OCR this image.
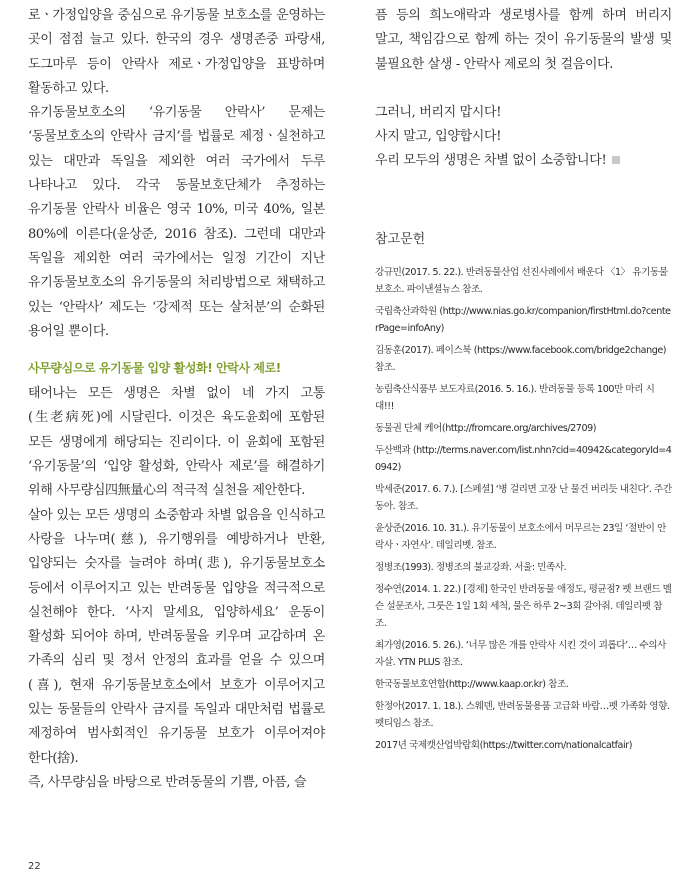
로ㆍ가정입양을 중심으로 유기동물 보호소를 운영하는 곳이 점점 늘고 있다. 한국의 경우 생명존중 파랑새, 도그마루 등이 안락사 제로ㆍ가정입양을 표방하며 활동하고 있다.

유기동물보호소의 ‘유기동물 안락사’ 문제는 ‘동물보호소의 안락사 금지’를 법률로 제정ㆍ실천하고 있는 대만과 독일을 제외한 여러 국가에서 두루 나타나고 있다. 각국 동물보호단체가 추정하는 유기동물 안락사 비율은 영국 10%, 미국 40%, 일본 80%에 이른다(윤상준, 2016 참조). 그런데 대만과 독일을 제외한 여러 국가에서는 일정 기간이 지난 유기동물보호소의 유기동물의 처리방법으로 채택하고 있는 ‘안락사’ 제도는 ‘강제적 또는 살처분’의 순화된 용어일 뿐이다.

사무량심으로 유기동물 입양 활성화! 안락사 제로!

태어나는 모든 생명은 차별 없이 네 가지 고통(生老病死)에 시달린다. 이것은 육도윤회에 포함된 모든 생명에게 해당되는 진리이다. 이 윤회에 포함된 ‘유기동물’의 ‘입양 활성화, 안락사 제로’를 해결하기 위해 사무량심四無量心의 적극적 실천을 제안한다.

살아 있는 모든 생명의 소중함과 차별 없음을 인식하고 사랑을 나누며(慈), 유기행위를 예방하거나 반환, 입양되는 숫자를 늘려야 하며(悲), 유기동물보호소 등에서 이루어지고 있는 반려동물 입양을 적극적으로 실천해야 한다. ‘사지 말세요, 입양하세요’ 운동이 활성화 되어야 하며, 반려동물을 키우며 교감하며 온 가족의 심리 및 정서 안정의 효과를 얻을 수 있으며(喜), 현재 유기동물보호소에서 보호가 이루어지고 있는 동물들의 안락사 금지를 독일과 대만처럼 법률로 제정하여 범사회적인 유기동물 보호가 이루어져야 한다(捨).

즉, 사무량심을 바탕으로 반려동물의 기쁨, 아픔, 슬

픔 등의 희노애락과 생로병사를 함께 하며 버리지 말고, 책임감으로 함께 하는 것이 유기동물의 발생 및 불필요한 살생 - 안락사 제로의 첫 걸음이다.

그러니, 버리지 맙시다!

사지 말고, 입양합시다!

우리 모두의 생명은 차별 없이 소중합니다!

참고문헌
강규민(2017. 5. 22.). 반려동물산업 선진사례에서 배운다 〈1〉 유기동물보호소. 파이낸셜뉴스 참조.
국립축산과학원 (http://www.nias.go.kr/companion/firstHtml.do?centerPage=infoAny)
김동훈(2017). 페이스북 (https://www.facebook.com/bridge2change) 참조.
농림축산식품부 보도자료(2016. 5. 16.). 반려동물 등록 100만 마리 시대!!!
동물권 단체 케어(http://fromcare.org/archives/2709)
두산백과 (http://terms.naver.com/list.nhn?cid=40942&categoryId=40942)
박세준(2017. 6. 7.). [스페셜] ‘병 걸리면 고장 난 물건 버리듯 내친다’. 주간동아. 참조.
윤상준(2016. 10. 31.). 유기동물이 보호소에서 머무르는 23일 ‘절반이 안락사ㆍ자연사’. 데일리벳. 참조.
정병조(1993). 정병조의 불교강좌. 서울: 민족사.
정수연(2014. 1. 22.) [경제] 한국인 반려동물 애정도, 평균점? 펫 브랜드 멜슨 설문조사, 그룻은 1일 1회 세척, 물은 하루 2~3회 갈아줘. 데일리펫 참조.
최가영(2016. 5. 26.). ‘너무 많은 개를 안락사 시킨 것이 괴롭다’… 수의사 자살. YTN PLUS 참조.
한국동물보호연합(http://www.kaap.or.kr) 참조.
한정아(2017. 1. 18.). 스웨덴, 반려동물용품 고급화 바람…펫 가족화 영향. 펫티임스 참조.
2017년 국제캣산업박람회(https://twitter.com/nationalcatfair)
22
